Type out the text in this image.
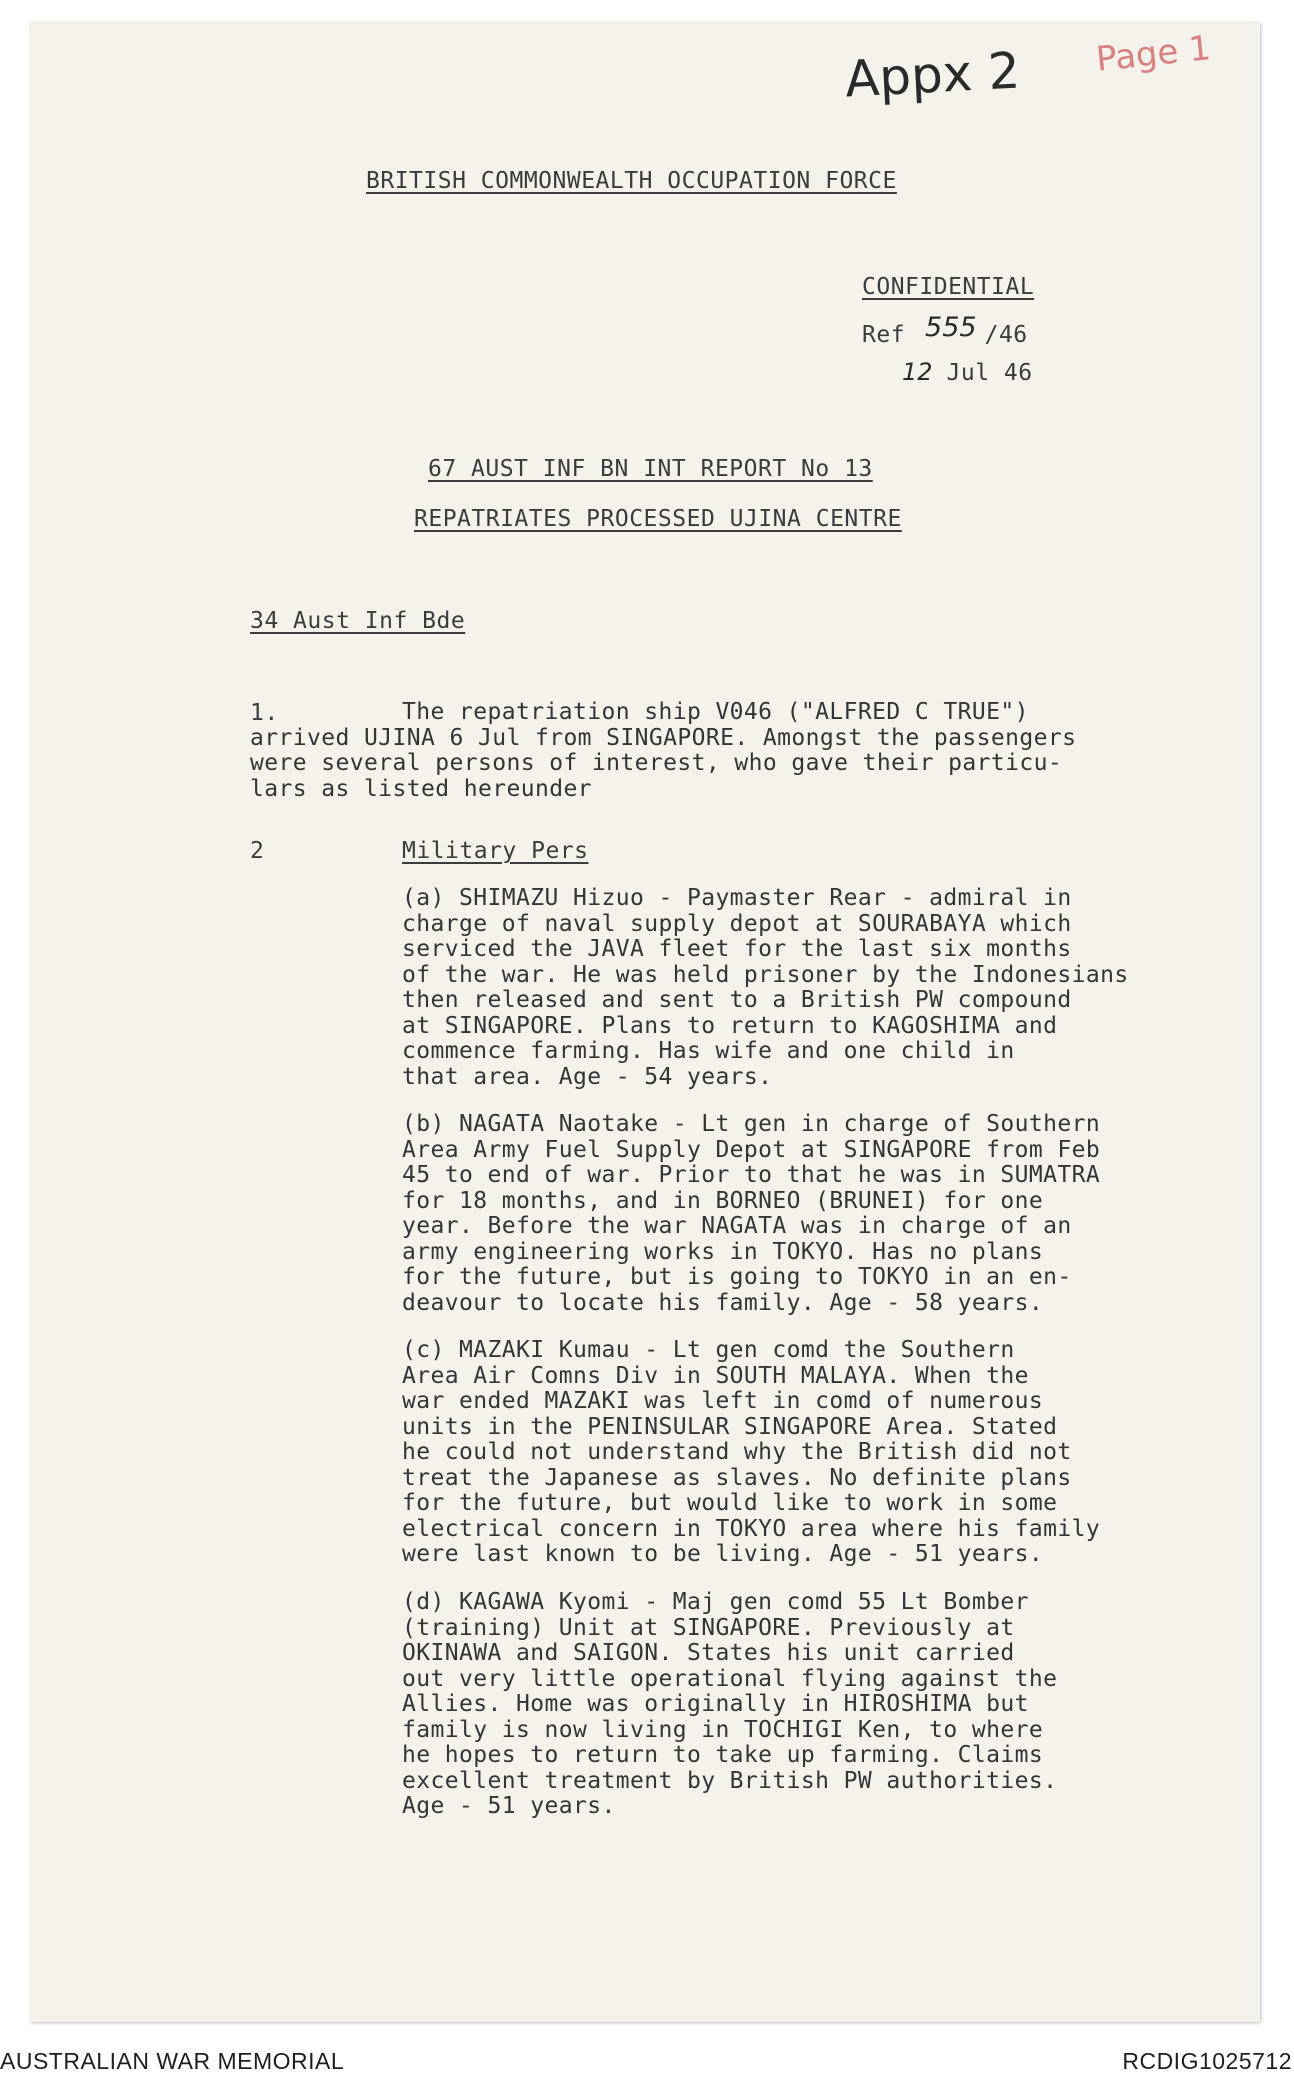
Appx 2 Page 1
BRITISH COMMONWEALTH OCCUPATION FORCE
CONFIDENTIAL
Ref 555 /46
12 Jul 46
67 AUST INF BN INT REPORT No 13
REPATRIATES PROCESSED UJINA CENTRE
34 Aust Inf Bde
1.	The repatriation ship V046 ("ALFRED C TRUE")
arrived UJINA 6 Jul from SINGAPORE. Amongst the passengers
were several persons of interest, who gave their particu-
lars as listed hereunder
2	Military Pers
(a) SHIMAZU Hizuo - Paymaster Rear - admiral in
charge of naval supply depot at SOURABAYA which
serviced the JAVA fleet for the last six months
of the war. He was held prisoner by the Indonesians
then released and sent to a British PW compound
at SINGAPORE. Plans to return to KAGOSHIMA and
commence farming. Has wife and one child in
that area. Age - 54 years.
(b) NAGATA Naotake - Lt gen in charge of Southern
Area Army Fuel Supply Depot at SINGAPORE from Feb
45 to end of war. Prior to that he was in SUMATRA
for 18 months, and in BORNEO (BRUNEI) for one
year. Before the war NAGATA was in charge of an
army engineering works in TOKYO. Has no plans
for the future, but is going to TOKYO in an en-
deavour to locate his family. Age - 58 years.
(c) MAZAKI Kumau - Lt gen comd the Southern
Area Air Comns Div in SOUTH MALAYA. When the
war ended MAZAKI was left in comd of numerous
units in the PENINSULAR SINGAPORE Area. Stated
he could not understand why the British did not
treat the Japanese as slaves. No definite plans
for the future, but would like to work in some
electrical concern in TOKYO area where his family
were last known to be living. Age - 51 years.
(d) KAGAWA Kyomi - Maj gen comd 55 Lt Bomber
(training) Unit at SINGAPORE. Previously at
OKINAWA and SAIGON. States his unit carried
out very little operational flying against the
Allies. Home was originally in HIROSHIMA but
family is now living in TOCHIGI Ken, to where
he hopes to return to take up farming. Claims
excellent treatment by British PW authorities.
Age - 51 years.
AUSTRALIAN WAR MEMORIAL	RCDIG1025712
